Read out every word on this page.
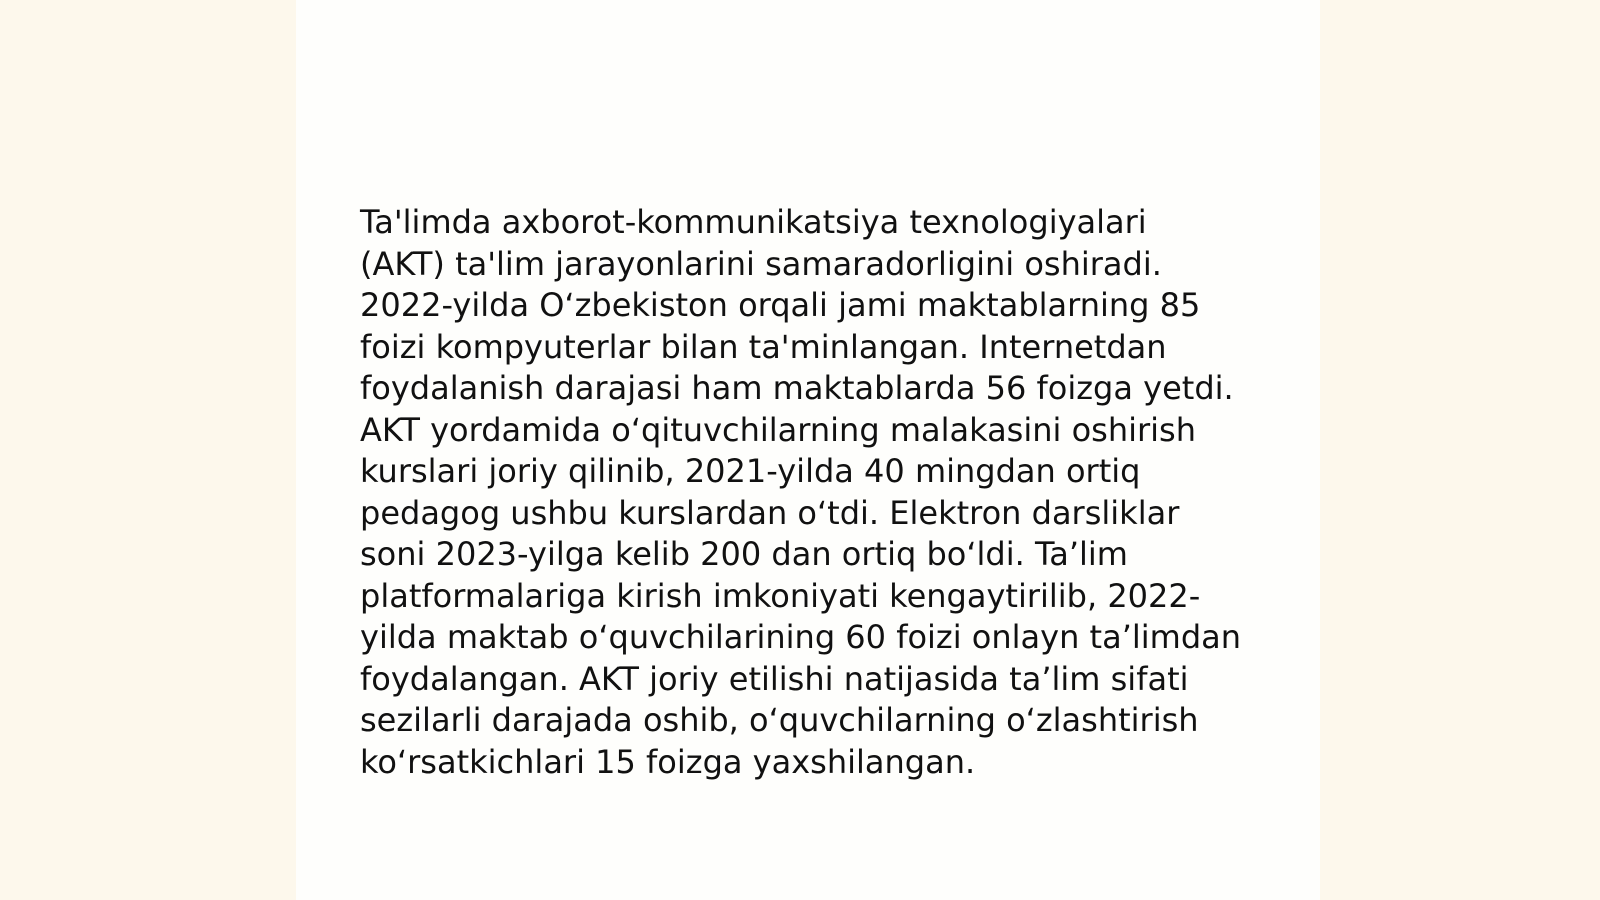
Ta'limda axborot-kommunikatsiya texnologiyalari
(AKT) ta'lim jarayonlarini samaradorligini oshiradi.
2022-yilda O‘zbekiston orqali jami maktablarning 85
foizi kompyuterlar bilan ta'minlangan. Internetdan
foydalanish darajasi ham maktablarda 56 foizga yetdi.
AKT yordamida o‘qituvchilarning malakasini oshirish
kurslari joriy qilinib, 2021-yilda 40 mingdan ortiq
pedagog ushbu kurslardan o‘tdi. Elektron darsliklar
soni 2023-yilga kelib 200 dan ortiq bo‘ldi. Ta’lim
platformalariga kirish imkoniyati kengaytirilib, 2022-
yilda maktab o‘quvchilarining 60 foizi onlayn ta’limdan
foydalangan. AKT joriy etilishi natijasida ta’lim sifati
sezilarli darajada oshib, o‘quvchilarning o‘zlashtirish
ko‘rsatkichlari 15 foizga yaxshilangan.
